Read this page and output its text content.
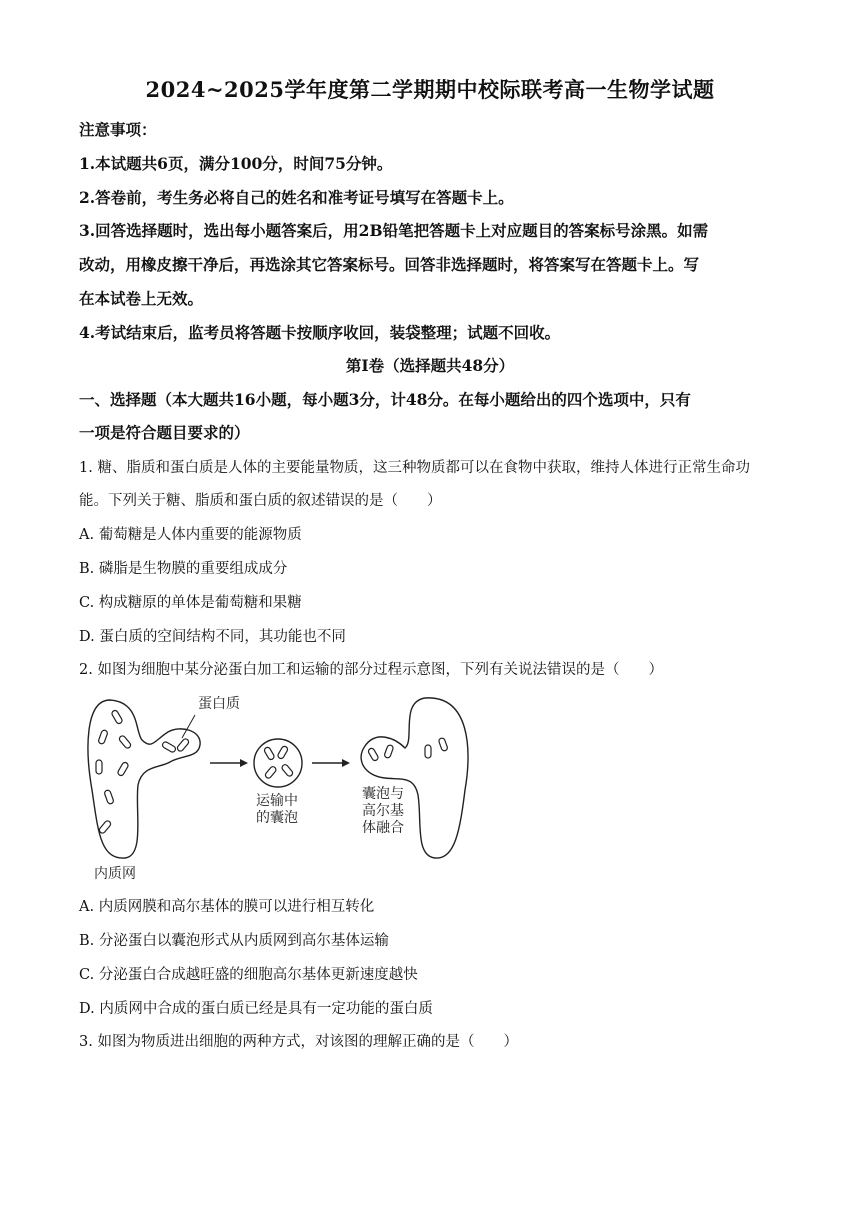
2024~2025学年度第二学期期中校际联考高一生物学试题
注意事项：
1.本试题共6页，满分100分，时间75分钟。
2.答卷前，考生务必将自己的姓名和准考证号填写在答题卡上。
3.回答选择题时，选出每小题答案后，用2B铅笔把答题卡上对应题目的答案标号涂黑。如需
改动，用橡皮擦干净后，再选涂其它答案标号。回答非选择题时，将答案写在答题卡上。写
在本试卷上无效。
4.考试结束后，监考员将答题卡按顺序收回，装袋整理；试题不回收。
第Ⅰ卷（选择题共48分）
一、选择题（本大题共16小题，每小题3分，计48分。在每小题给出的四个选项中，只有
一项是符合题目要求的）
1. 糖、脂质和蛋白质是人体的主要能量物质，这三种物质都可以在食物中获取，维持人体进行正常生命功
能。下列关于糖、脂质和蛋白质的叙述错误的是（　　）
A. 葡萄糖是人体内重要的能源物质
B. 磷脂是生物膜的重要组成成分
C. 构成糖原的单体是葡萄糖和果糖
D. 蛋白质的空间结构不同，其功能也不同
2. 如图为细胞中某分泌蛋白加工和运输的部分过程示意图，下列有关说法错误的是（　　）
蛋白质
运输中
的囊泡
囊泡与
高尔基
体融合
内质网
A. 内质网膜和高尔基体的膜可以进行相互转化
B. 分泌蛋白以囊泡形式从内质网到高尔基体运输
C. 分泌蛋白合成越旺盛的细胞高尔基体更新速度越快
D. 内质网中合成的蛋白质已经是具有一定功能的蛋白质
3. 如图为物质进出细胞的两种方式，对该图的理解正确的是（　　）
